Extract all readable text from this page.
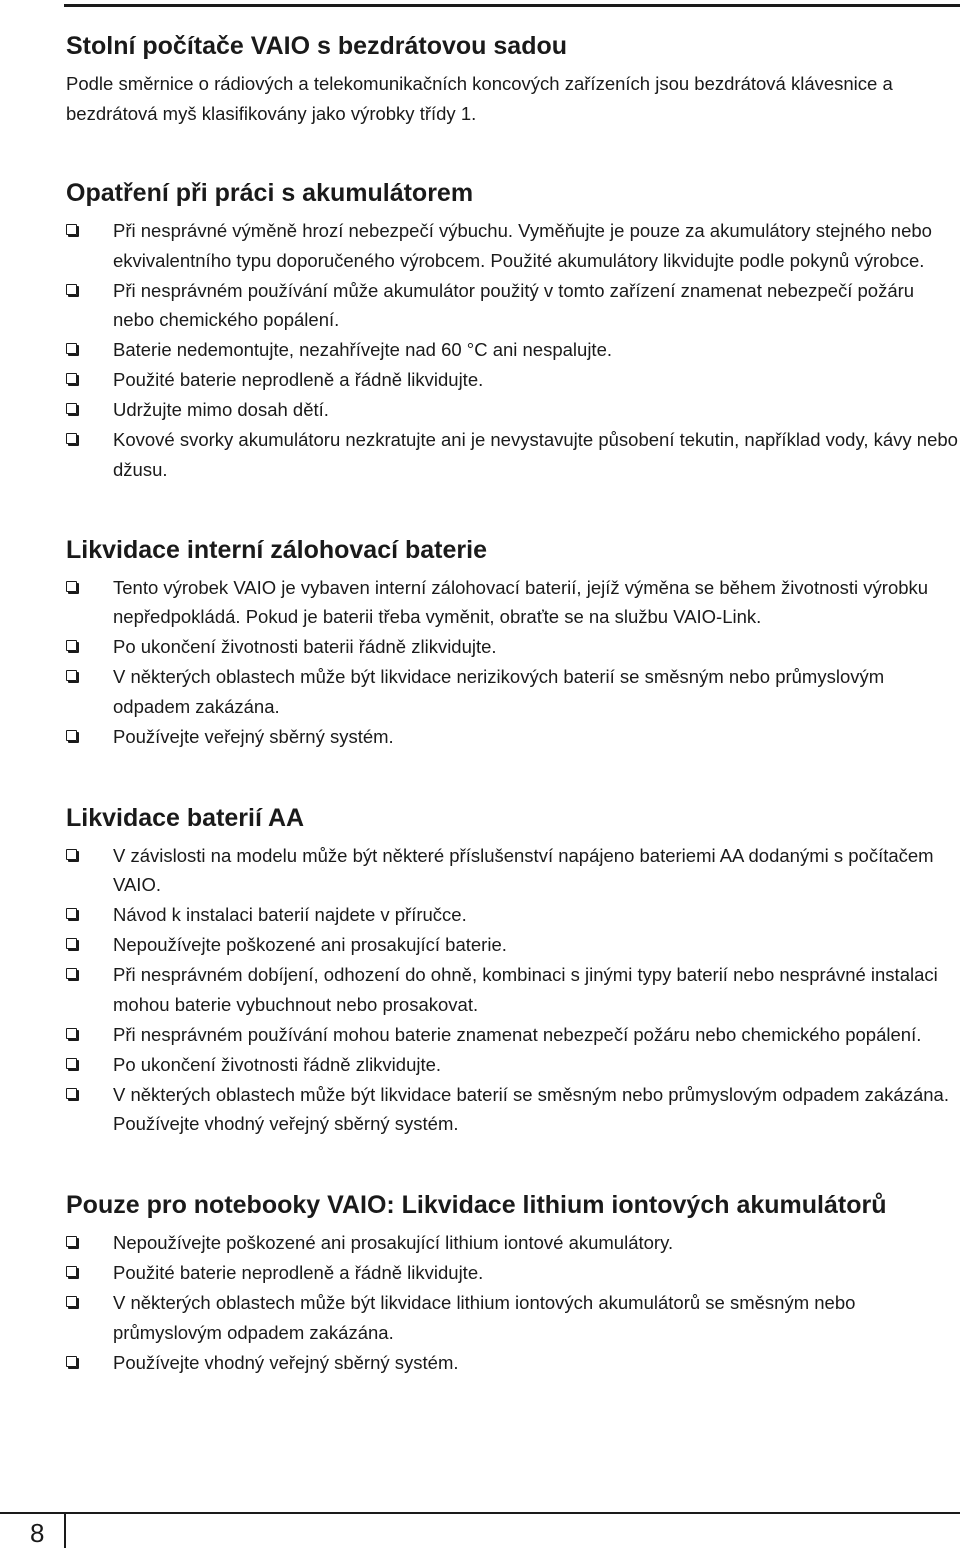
Stolní počítače VAIO s bezdrátovou sadou

Podle směrnice o rádiových a telekomunikačních koncových zařízeních jsou bezdrátová klávesnice a bezdrátová myš klasifikovány jako výrobky třídy 1.

Opatření při práci s akumulátorem
Při nesprávné výměně hrozí nebezpečí výbuchu. Vyměňujte je pouze za akumulátory stejného nebo ekvivalentního typu doporučeného výrobcem. Použité akumulátory likvidujte podle pokynů výrobce.
Při nesprávném používání může akumulátor použitý v tomto zařízení znamenat nebezpečí požáru nebo chemického popálení.
Baterie nedemontujte, nezahřívejte nad 60 °C ani nespalujte.
Použité baterie neprodleně a řádně likvidujte.
Udržujte mimo dosah dětí.
Kovové svorky akumulátoru nezkratujte ani je nevystavujte působení tekutin, například vody, kávy nebo džusu.
Likvidace interní zálohovací baterie
Tento výrobek VAIO je vybaven interní zálohovací baterií, jejíž výměna se během životnosti výrobku nepředpokládá. Pokud je baterii třeba vyměnit, obraťte se na službu VAIO-Link.
Po ukončení životnosti baterii řádně zlikvidujte.
V některých oblastech může být likvidace nerizikových baterií se směsným nebo průmyslovým odpadem zakázána.
Používejte veřejný sběrný systém.
Likvidace baterií AA
V závislosti na modelu může být některé příslušenství napájeno bateriemi AA dodanými s počítačem VAIO.
Návod k instalaci baterií najdete v příručce.
Nepoužívejte poškozené ani prosakující baterie.
Při nesprávném dobíjení, odhození do ohně, kombinaci s jinými typy baterií nebo nesprávné instalaci mohou baterie vybuchnout nebo prosakovat.
Při nesprávném používání mohou baterie znamenat nebezpečí požáru nebo chemického popálení.
Po ukončení životnosti řádně zlikvidujte.
V některých oblastech může být likvidace baterií se směsným nebo průmyslovým odpadem zakázána. Používejte vhodný veřejný sběrný systém.
Pouze pro notebooky VAIO: Likvidace lithium iontových akumulátorů
Nepoužívejte poškozené ani prosakující lithium iontové akumulátory.
Použité baterie neprodleně a řádně likvidujte.
V některých oblastech může být likvidace lithium iontových akumulátorů se směsným nebo průmyslovým odpadem zakázána.
Používejte vhodný veřejný sběrný systém.
8
